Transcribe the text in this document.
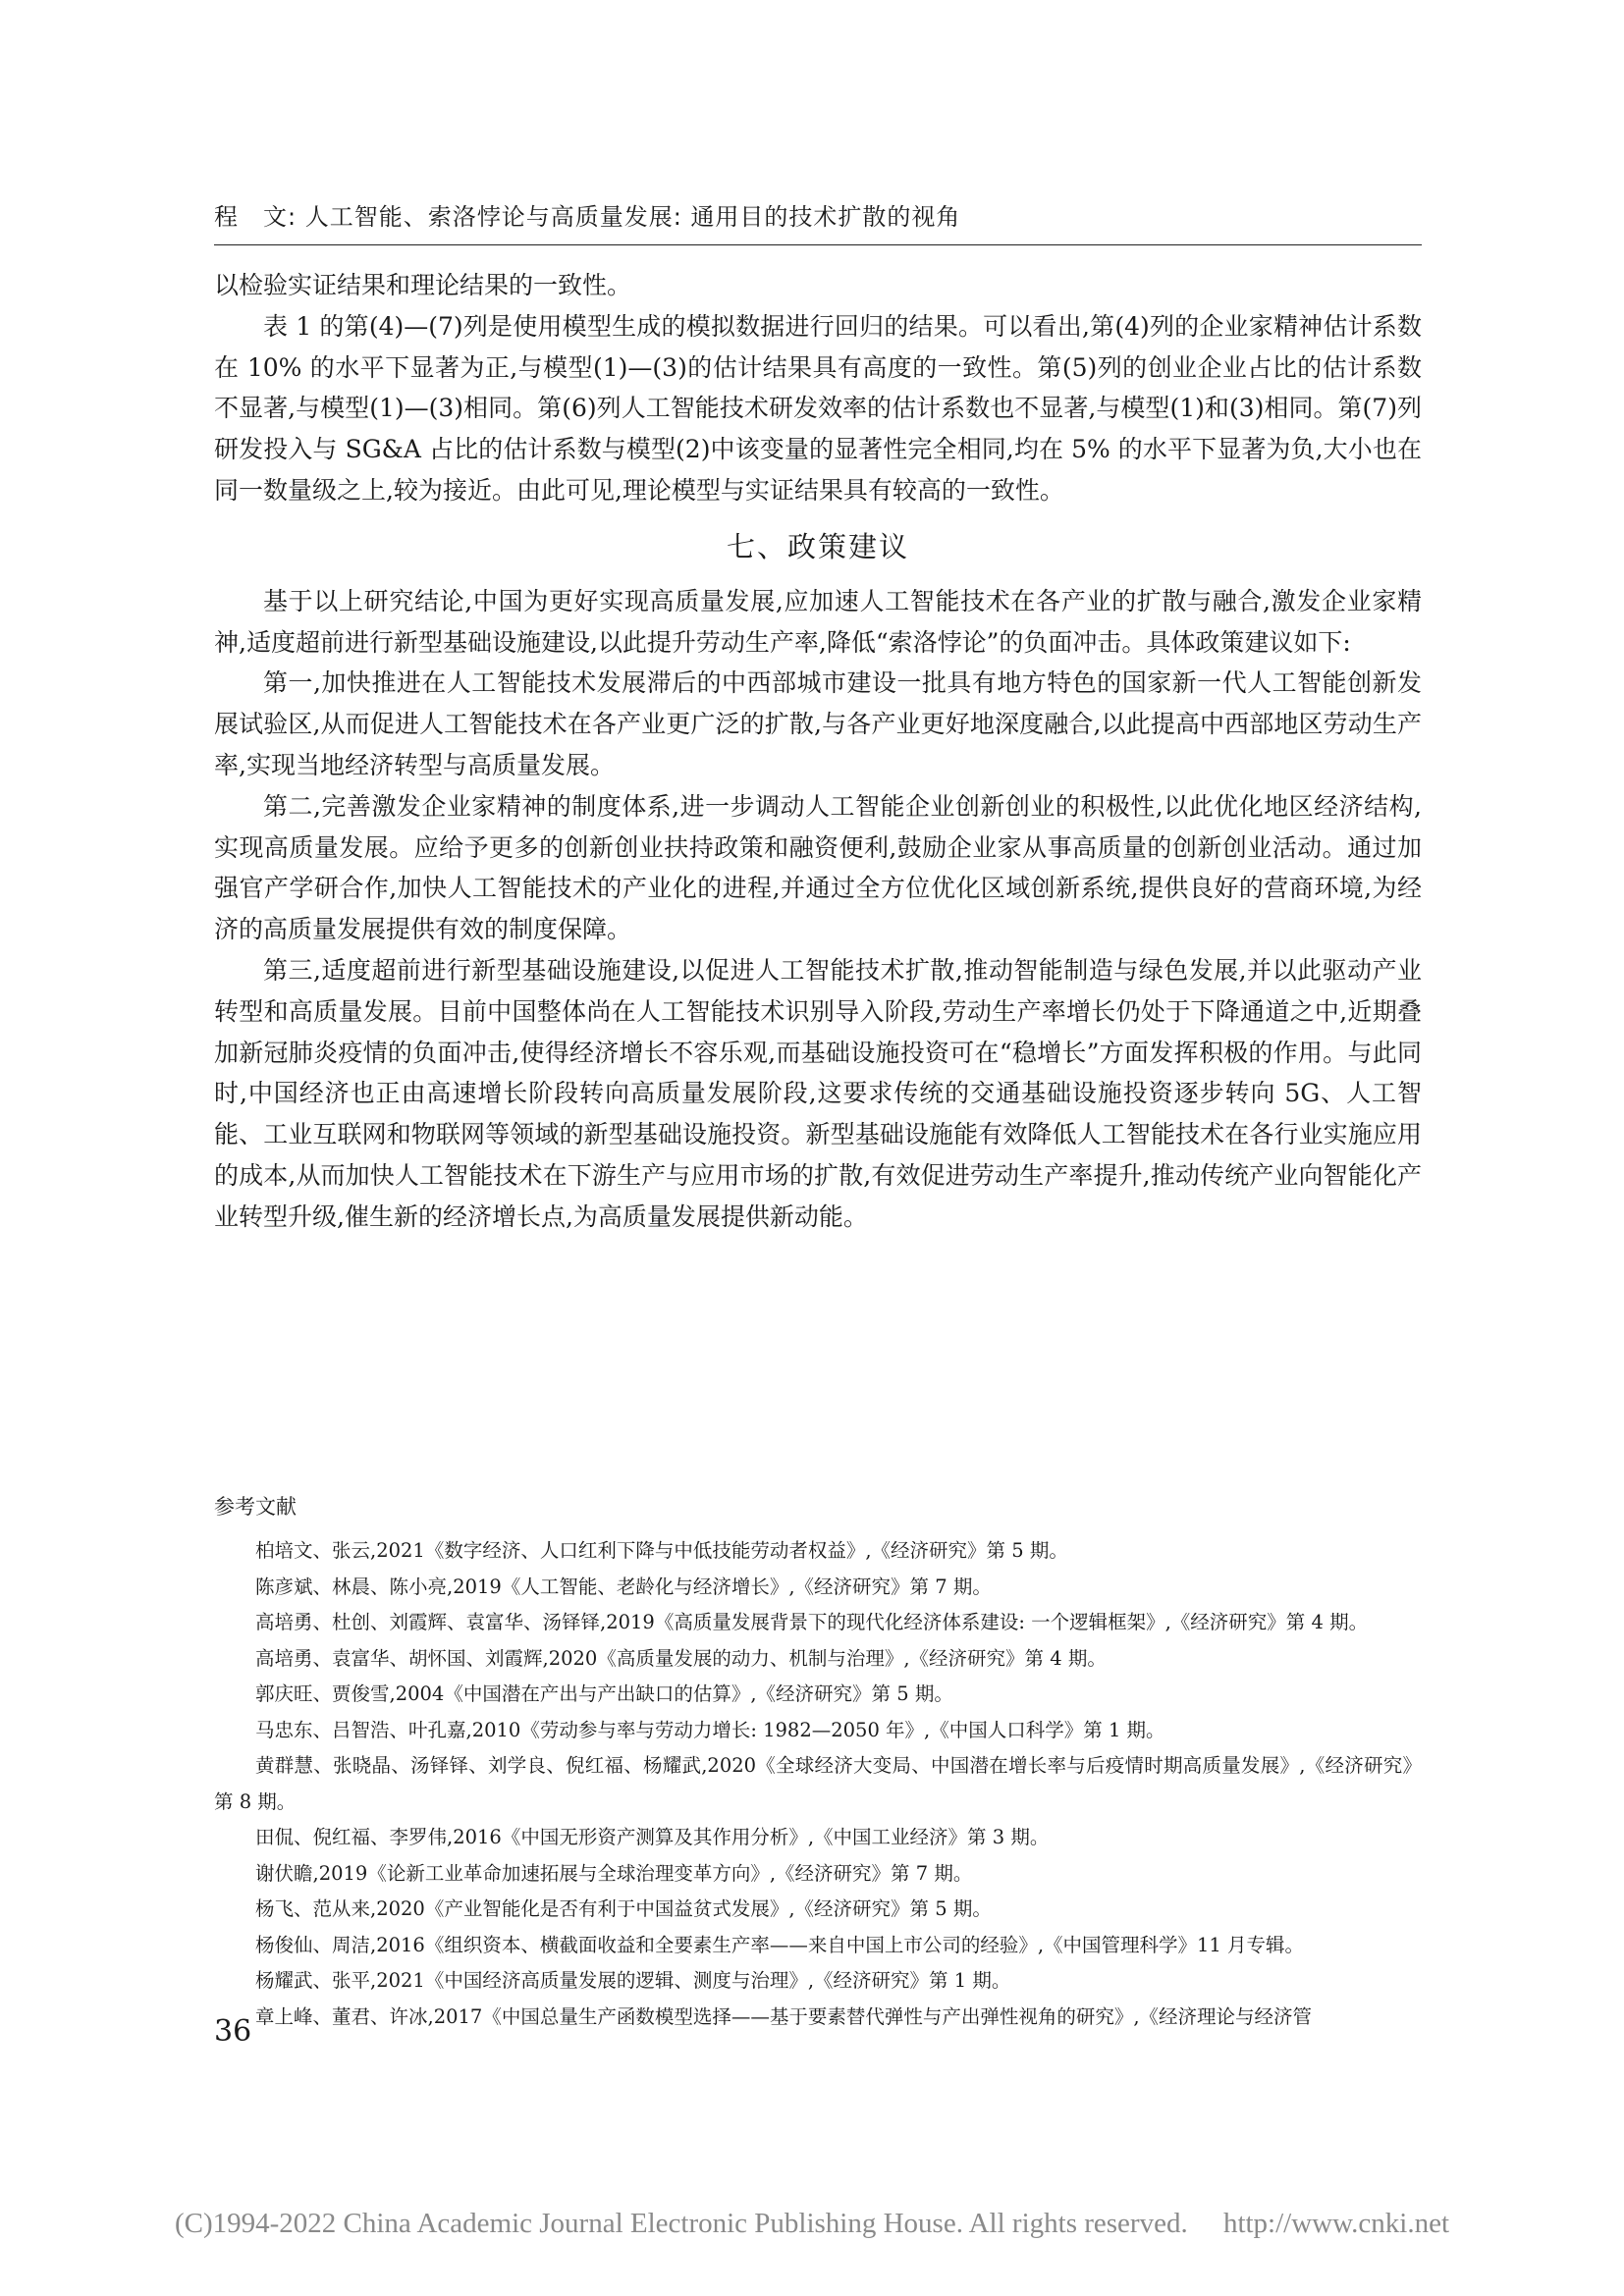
程　文: 人工智能、索洛悖论与高质量发展: 通用目的技术扩散的视角

以检验实证结果和理论结果的一致性。

表 1 的第(4)—(7)列是使用模型生成的模拟数据进行回归的结果。可以看出,第(4)列的企业家精神估计系数在 10% 的水平下显著为正,与模型(1)—(3)的估计结果具有高度的一致性。第(5)列的创业企业占比的估计系数不显著,与模型(1)—(3)相同。第(6)列人工智能技术研发效率的估计系数也不显著,与模型(1)和(3)相同。第(7)列研发投入与 SG&A 占比的估计系数与模型(2)中该变量的显著性完全相同,均在 5% 的水平下显著为负,大小也在同一数量级之上,较为接近。由此可见,理论模型与实证结果具有较高的一致性。

七、政策建议

基于以上研究结论,中国为更好实现高质量发展,应加速人工智能技术在各产业的扩散与融合,激发企业家精神,适度超前进行新型基础设施建设,以此提升劳动生产率,降低“索洛悖论”的负面冲击。具体政策建议如下:

第一,加快推进在人工智能技术发展滞后的中西部城市建设一批具有地方特色的国家新一代人工智能创新发展试验区,从而促进人工智能技术在各产业更广泛的扩散,与各产业更好地深度融合,以此提高中西部地区劳动生产率,实现当地经济转型与高质量发展。

第二,完善激发企业家精神的制度体系,进一步调动人工智能企业创新创业的积极性,以此优化地区经济结构,实现高质量发展。应给予更多的创新创业扶持政策和融资便利,鼓励企业家从事高质量的创新创业活动。通过加强官产学研合作,加快人工智能技术的产业化的进程,并通过全方位优化区域创新系统,提供良好的营商环境,为经济的高质量发展提供有效的制度保障。

第三,适度超前进行新型基础设施建设,以促进人工智能技术扩散,推动智能制造与绿色发展,并以此驱动产业转型和高质量发展。目前中国整体尚在人工智能技术识别导入阶段,劳动生产率增长仍处于下降通道之中,近期叠加新冠肺炎疫情的负面冲击,使得经济增长不容乐观,而基础设施投资可在“稳增长”方面发挥积极的作用。与此同时,中国经济也正由高速增长阶段转向高质量发展阶段,这要求传统的交通基础设施投资逐步转向 5G、人工智能、工业互联网和物联网等领域的新型基础设施投资。新型基础设施能有效降低人工智能技术在各行业实施应用的成本,从而加快人工智能技术在下游生产与应用市场的扩散,有效促进劳动生产率提升,推动传统产业向智能化产业转型升级,催生新的经济增长点,为高质量发展提供新动能。

参考文献
柏培文、张云,2021《数字经济、人口红利下降与中低技能劳动者权益》,《经济研究》第 5 期。
陈彦斌、林晨、陈小亮,2019《人工智能、老龄化与经济增长》,《经济研究》第 7 期。
高培勇、杜创、刘霞辉、袁富华、汤铎铎,2019《高质量发展背景下的现代化经济体系建设: 一个逻辑框架》,《经济研究》第 4 期。
高培勇、袁富华、胡怀国、刘霞辉,2020《高质量发展的动力、机制与治理》,《经济研究》第 4 期。
郭庆旺、贾俊雪,2004《中国潜在产出与产出缺口的估算》,《经济研究》第 5 期。
马忠东、吕智浩、叶孔嘉,2010《劳动参与率与劳动力增长: 1982—2050 年》,《中国人口科学》第 1 期。
黄群慧、张晓晶、汤铎铎、刘学良、倪红福、杨耀武,2020《全球经济大变局、中国潜在增长率与后疫情时期高质量发展》,《经济研究》第 8 期。
田侃、倪红福、李罗伟,2016《中国无形资产测算及其作用分析》,《中国工业经济》第 3 期。
谢伏瞻,2019《论新工业革命加速拓展与全球治理变革方向》,《经济研究》第 7 期。
杨飞、范从来,2020《产业智能化是否有利于中国益贫式发展》,《经济研究》第 5 期。
杨俊仙、周洁,2016《组织资本、横截面收益和全要素生产率——来自中国上市公司的经验》,《中国管理科学》11 月专辑。
杨耀武、张平,2021《中国经济高质量发展的逻辑、测度与治理》,《经济研究》第 1 期。
章上峰、董君、许冰,2017《中国总量生产函数模型选择——基于要素替代弹性与产出弹性视角的研究》,《经济理论与经济管
36
(C)1994-2022 China Academic Journal Electronic Publishing House. All rights reserved.　 http://www.cnki.net
